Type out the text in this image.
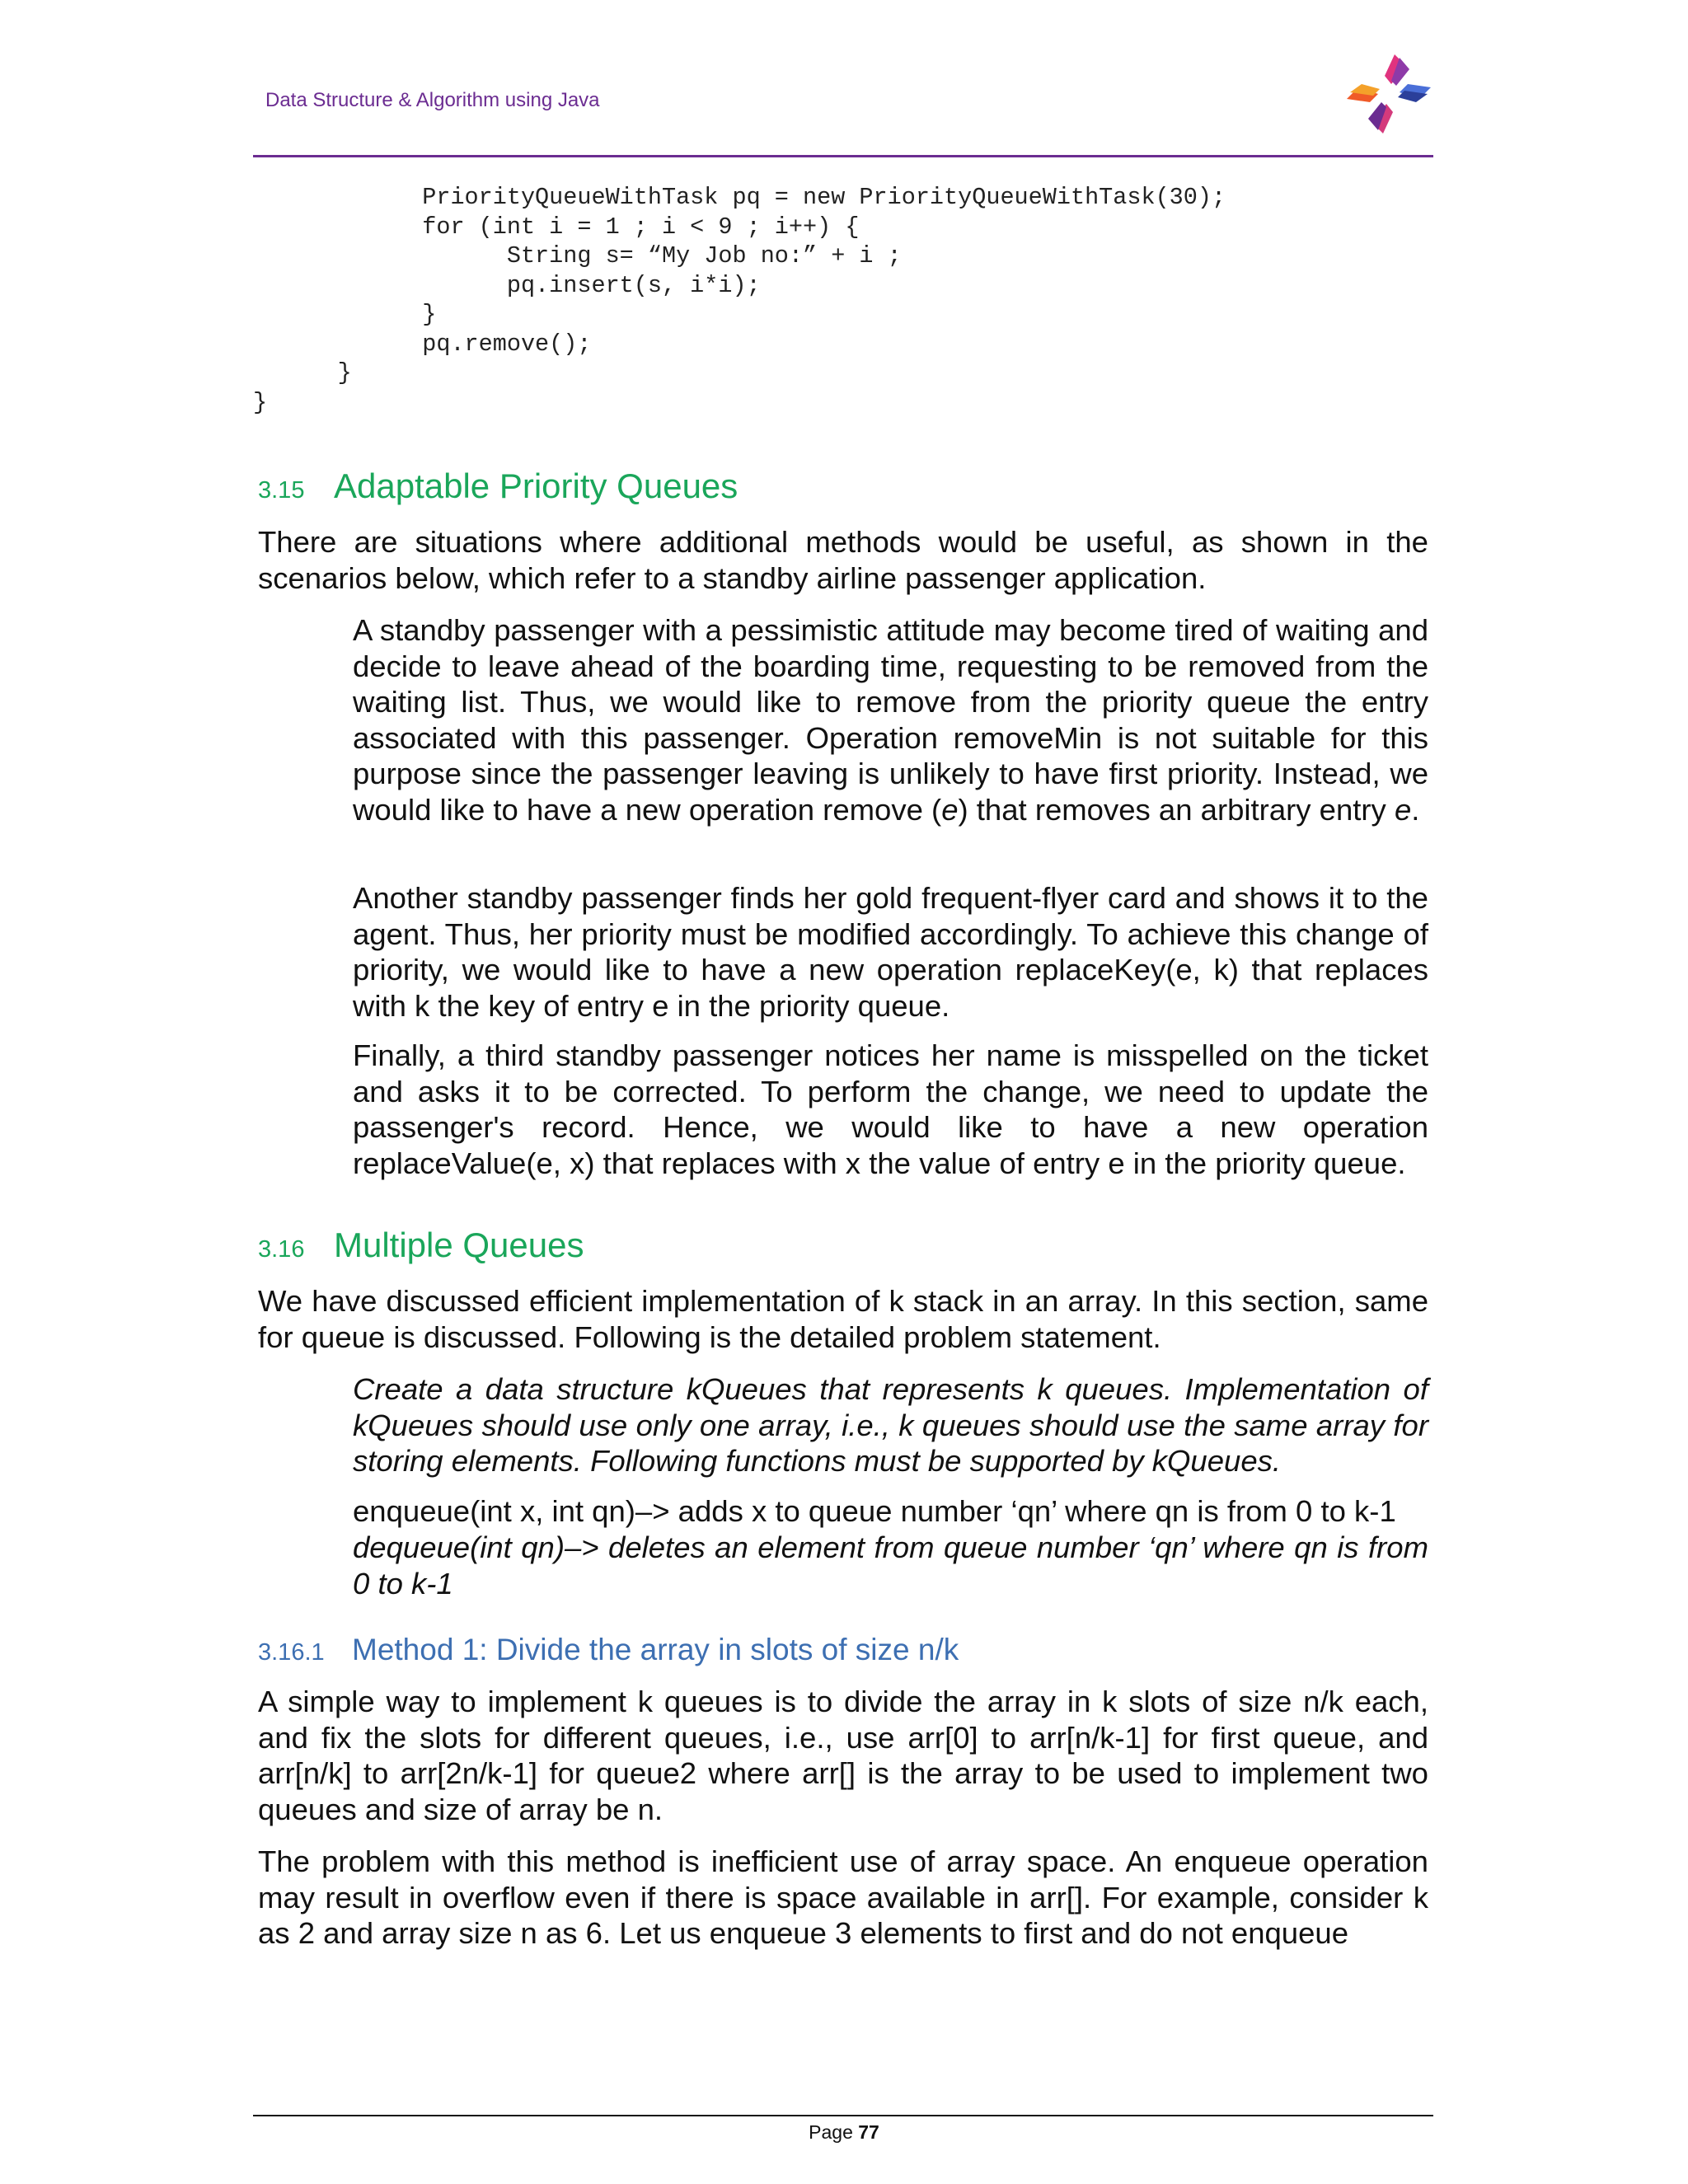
Data Structure & Algorithm using Java
PriorityQueueWithTask pq = new PriorityQueueWithTask(30);
for (int i = 1 ; i < 9 ; i++) {
String s= “My Job no:” + i ;
pq.insert(s, i*i);
}
pq.remove();
}
}
3.15 Adaptable Priority Queues

There are situations where additional methods would be useful, as shown in the scenarios below, which refer to a standby airline passenger application.

A standby passenger with a pessimistic attitude may become tired of waiting and decide to leave ahead of the boarding time, requesting to be removed from the waiting list. Thus, we would like to remove from the priority queue the entry associated with this passenger. Operation removeMin is not suitable for this purpose since the passenger leaving is unlikely to have first priority. Instead, we would like to have a new operation remove (e) that removes an arbitrary entry e.

Another standby passenger finds her gold frequent-flyer card and shows it to the agent. Thus, her priority must be modified accordingly. To achieve this change of priority, we would like to have a new operation replaceKey(e, k) that replaces with k the key of entry e in the priority queue.

Finally, a third standby passenger notices her name is misspelled on the ticket and asks it to be corrected. To perform the change, we need to update the passenger's record. Hence, we would like to have a new operation replaceValue(e, x) that replaces with x the value of entry e in the priority queue.

3.16 Multiple Queues

We have discussed efficient implementation of k stack in an array. In this section, same for queue is discussed. Following is the detailed problem statement.

Create a data structure kQueues that represents k queues. Implementation of kQueues should use only one array, i.e., k queues should use the same array for storing elements. Following functions must be supported by kQueues.

enqueue(int x, int qn)–> adds x to queue number ‘qn’ where qn is from 0 to k-1

dequeue(int qn)–> deletes an element from queue number ‘qn’ where qn is from 0 to k-1

3.16.1 Method 1: Divide the array in slots of size n/k

A simple way to implement k queues is to divide the array in k slots of size n/k each, and fix the slots for different queues, i.e., use arr[0] to arr[n/k-1] for first queue, and arr[n/k] to arr[2n/k-1] for queue2 where arr[] is the array to be used to implement two queues and size of array be n.

The problem with this method is inefficient use of array space. An enqueue operation may result in overflow even if there is space available in arr[]. For example, consider k as 2 and array size n as 6. Let us enqueue 3 elements to first and do not enqueue

Page 77
